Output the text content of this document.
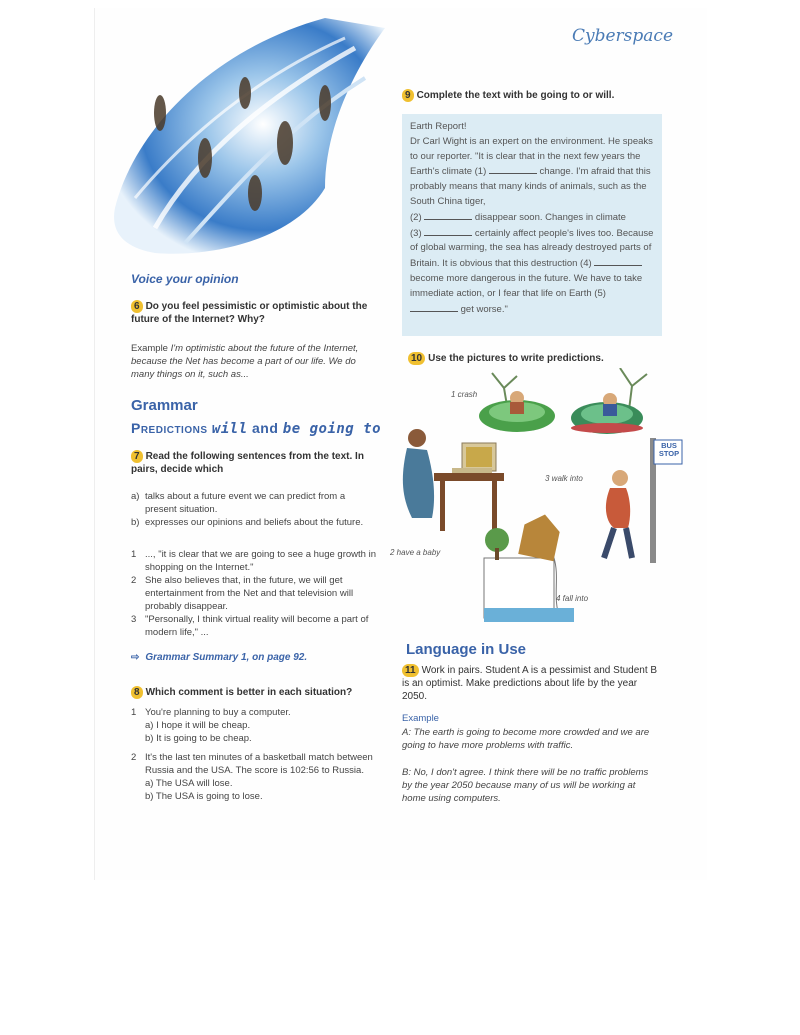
Cyberspace
Voice your opinion
6 Do you feel pessimistic or optimistic about the future of the Internet? Why?
Example I'm optimistic about the future of the Internet, because the Net has become a part of our life. We do many things on it, such as...
Grammar
Predictions will and be going to
7 Read the following sentences from the text. In pairs, decide which
a) talks about a future event we can predict from a present situation.
b) expresses our opinions and beliefs about the future.
1 ..., "it is clear that we are going to see a huge growth in shopping on the Internet."
2 She also believes that, in the future, we will get entertainment from the Net and that television will probably disappear.
3 "Personally, I think virtual reality will become a part of modern life," ...
⇨ Grammar Summary 1, on page 92.
8 Which comment is better in each situation?
1 You're planning to buy a computer.
a) I hope it will be cheap.
b) It is going to be cheap.
2 It's the last ten minutes of a basketball match between Russia and the USA. The score is 102:56 to Russia.
a) The USA will lose.
b) The USA is going to lose.
9 Complete the text with be going to or will.

Earth Report!
Dr Carl Wight is an expert on the environment. He speaks to our reporter. "It is clear that in the next few years the Earth's climate (1)	change. I'm afraid that this probably means that many kinds of animals, such as the South China tiger,
(2)	disappear soon. Changes in climate
(3)	certainly affect people's lives too. Because of global warming, the sea has already destroyed parts of Britain. It is obvious that this destruction (4)  become more dangerous in the future. We have to take immediate action, or I fear that life on Earth (5)  get worse."

10 Use the pictures to write predictions.
1 crash
2 have a baby
3 walk into
4 fall into
BUS STOP
Language in Use
11 Work in pairs. Student A is a pessimist and Student B is an optimist. Make predictions about life by the year 2050.
Example
A: The earth is going to become more crowded and we are going to have more problems with traffic.
B: No, I don't agree. I think there will be no traffic problems by the year 2050 because many of us will be working at home using computers.
